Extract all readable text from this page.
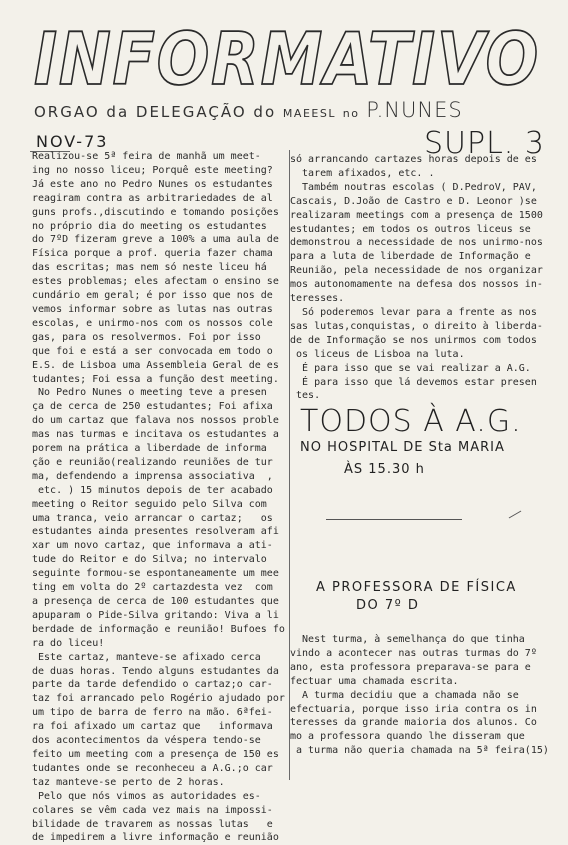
INFORMATIVO
ORGAO da DELEGAÇÃO do MAEESL no P.NUNES
NOV-73	SUPL. 3
Realizou-se 5ª feira de manhã um meet-
ing no nosso liceu; Porquê este meeting?
Já este ano no Pedro Nunes os estudantes
reagiram contra as arbitrariedades de al
guns profs.,discutindo e tomando posições
no próprio dia do meeting os estudantes
do 7ºD fizeram greve a 100% a uma aula de
Física porque a prof. queria fazer chama
das escritas; mas nem só neste liceu há
estes problemas; eles afectam o ensino se
cundário em geral; é por isso que nos de
vemos informar sobre as lutas nas outras
escolas, e unirmo-nos com os nossos cole
gas, para os resolvermos. Foi por isso
que foi e está a ser convocada em todo o
E.S. de Lisboa uma Assembleia Geral de es
tudantes; Foi essa a função dest meeting.
No Pedro Nunes o meeting teve a presen
ça de cerca de 250 estudantes; Foi afixa
do um cartaz que falava nos nossos proble
mas nas turmas e incitava os estudantes a
porem na prática a liberdade de informa
ção e reunião(realizando reuniões de tur
ma, defendendo a imprensa associativa  ,
etc. ) 15 minutos depois de ter acabado
meeting o Reitor seguido pelo Silva com
uma tranca, veio arrancar o cartaz;   os
estudantes ainda presentes resolveram afi
xar um novo cartaz, que informava a ati-
tude do Reitor e do Silva; no intervalo
seguinte formou-se espontaneamente um mee
ting em volta do 2º cartazdesta vez  com
a presença de cerca de 100 estudantes que
apuparam o Pide-Silva gritando: Viva a li
berdade de informação e reunião! Bufoes fo
ra do liceu!
Este cartaz, manteve-se afixado cerca
de duas horas. Tendo alguns estudantes da
parte da tarde defendido o cartaz;o car-
taz foi arrancado pelo Rogério ajudado por
um tipo de barra de ferro na mão. 6ªfei-
ra foi afixado um cartaz que   informava
dos acontecimentos da véspera tendo-se
feito um meeting com a presença de 150 es
tudantes onde se reconheceu a A.G.;o car
taz manteve-se perto de 2 horas.
Pelo que nós vimos as autoridades es-
colares se vêm cada vez mais na impossi-
bilidade de travarem as nossas lutas   e
de impedirem a livre informação e reunião
só arrancando cartazes horas depois de es
tarem afixados, etc. .
Também noutras escolas ( D.PedroV, PAV,
Cascais, D.João de Castro e D. Leonor )se
realizaram meetings com a presença de 1500
estudantes; em todos os outros liceus se
demonstrou a necessidade de nos unirmo-nos
para a luta de liberdade de Informação e
Reunião, pela necessidade de nos organizar
mos autonomamente na defesa dos nossos in-
teresses.
Só poderemos levar para a frente as nos
sas lutas,conquistas, o direito à liberda-
de de Informação se nos unirmos com todos
os liceus de Lisboa na luta.
É para isso que se vai realizar a A.G.
É para isso que lá devemos estar presen
tes.
TODOS À A.G.
NO HOSPITAL DE Sta MARIA
ÀS 15.30 h
A PROFESSORA DE FÍSICA
DO 7º D
Nest turma, à semelhança do que tinha
vindo a acontecer nas outras turmas do 7º
ano, esta professora preparava-se para e
fectuar uma chamada escrita.
A turma decidiu que a chamada não se
efectuaria, porque isso iria contra os in
teresses da grande maioria dos alunos. Co
mo a professora quando lhe disseram que
a turma não queria chamada na 5ª feira(15)
